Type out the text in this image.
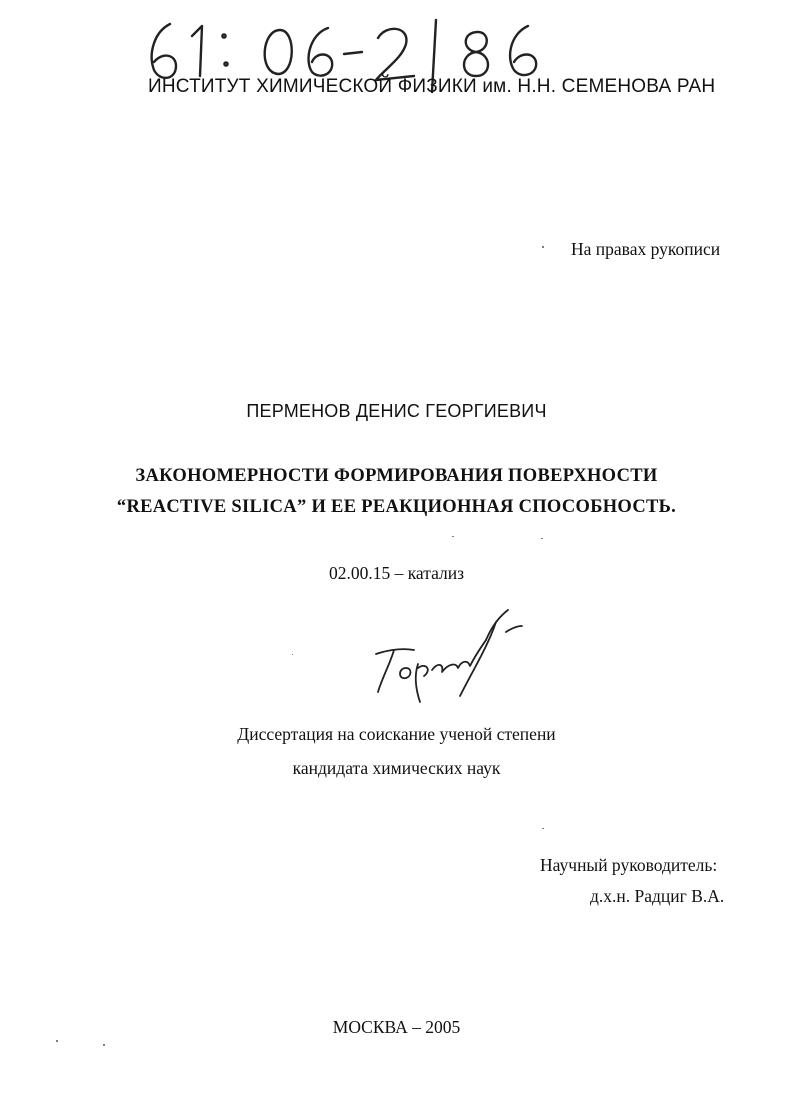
ИНСТИТУТ ХИМИЧЕСКОЙ ФИЗИКИ им. Н.Н. СЕМЕНОВА РАН
На правах рукописи
ПЕРМЕНОВ ДЕНИС ГЕОРГИЕВИЧ
ЗАКОНОМЕРНОСТИ ФОРМИРОВАНИЯ ПОВЕРХНОСТИ
“REACTIVE SILICA” И ЕЕ РЕАКЦИОННАЯ СПОСОБНОСТЬ.
02.00.15 – катализ
Диссертация на соискание ученой степени
кандидата химических наук
Научный руководитель:
д.х.н. Радциг В.А.
МОСКВА – 2005
